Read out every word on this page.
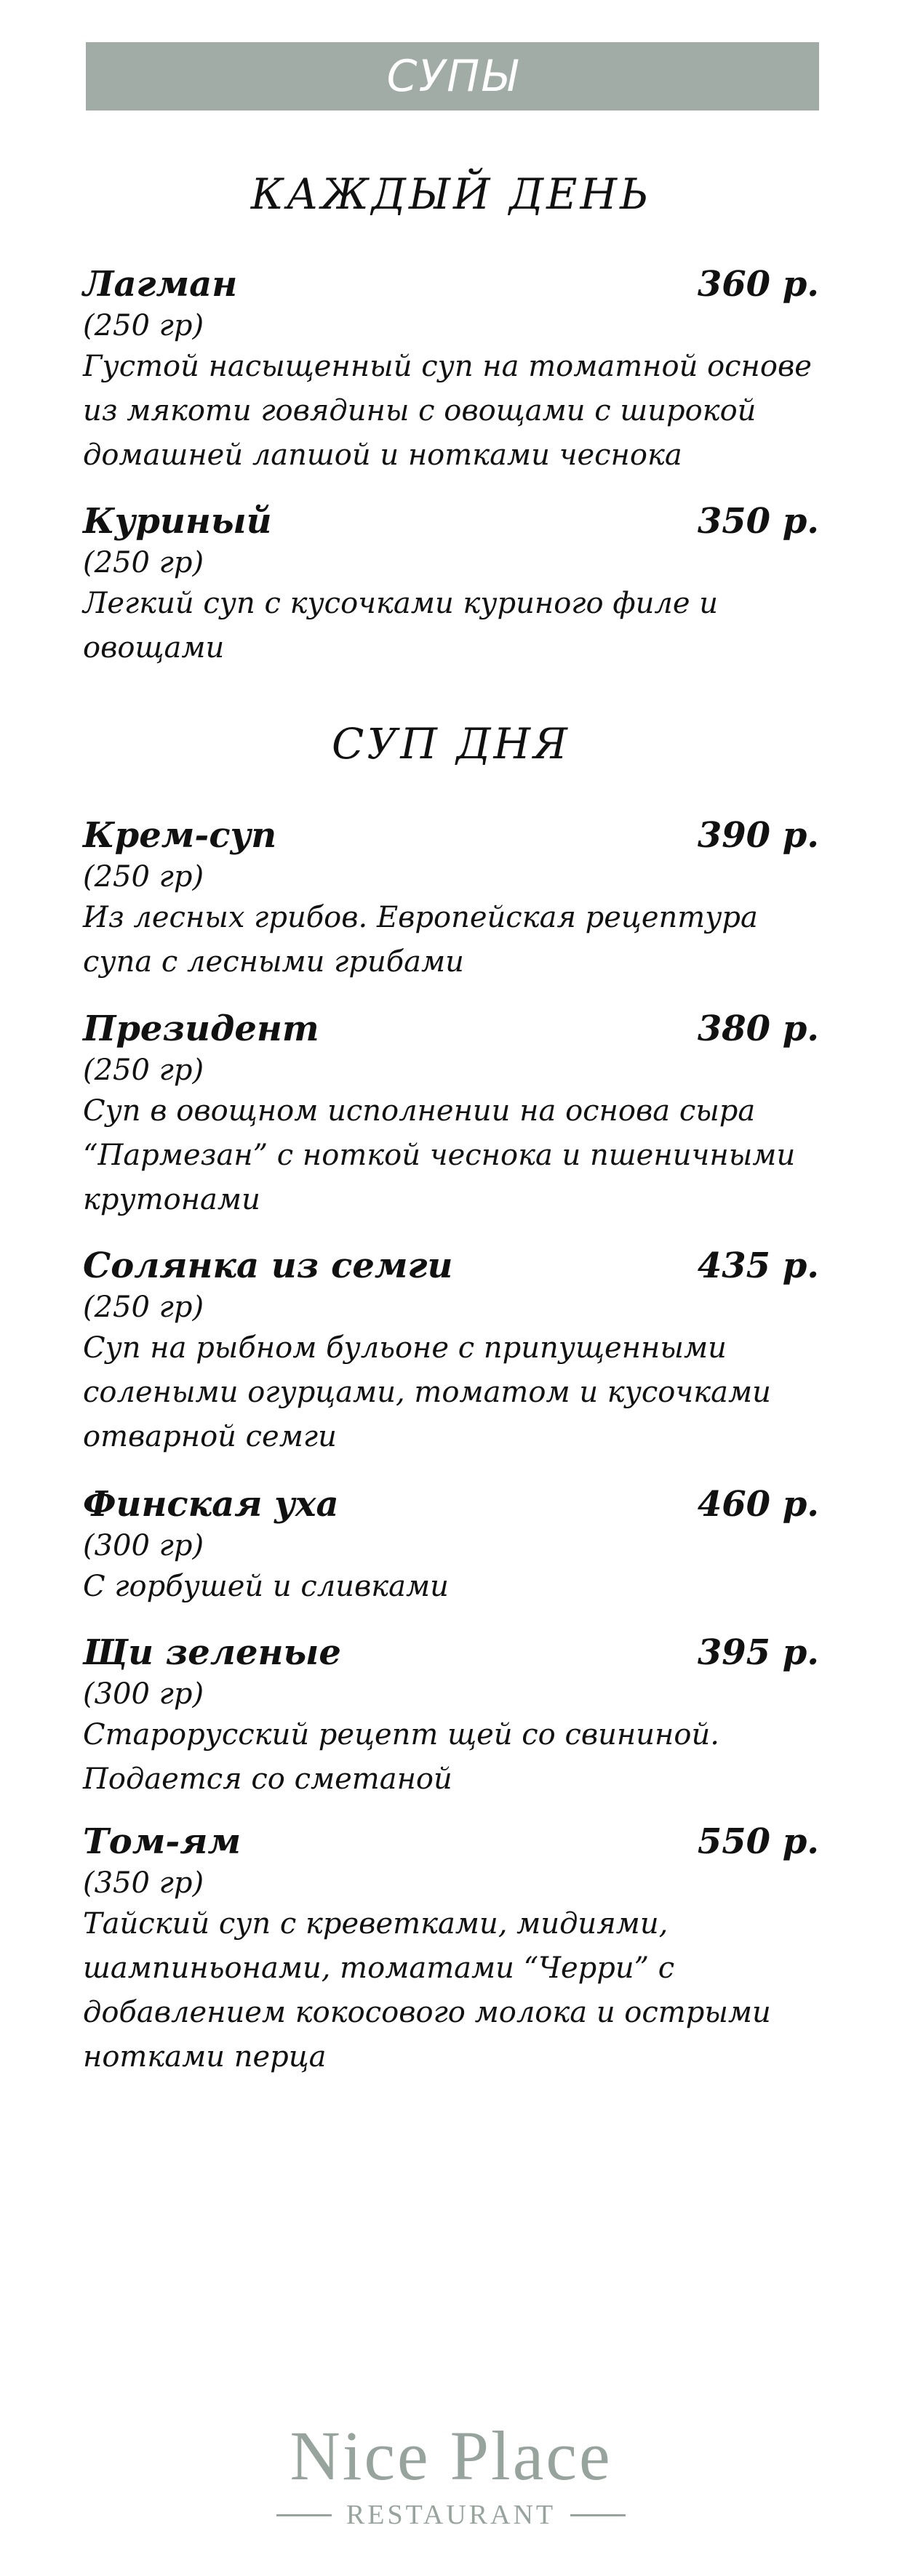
СУПЫ
КАЖДЫЙ ДЕНЬ
Лагман	360 р.
(250 гр)
Густой насыщенный суп на томатной основе из мякоти говядины с овощами с широкой домашней лапшой и нотками чеснока
Куриный	350 р.
(250 гр)
Легкий суп с кусочками куриного филе и овощами
СУП ДНЯ
Крем-суп	390 р.
(250 гр)
Из лесных грибов. Европейская рецептура супа с лесными грибами
Президент	380 р.
(250 гр)
Суп в овощном исполнении на основа сыра “Пармезан” с ноткой чеснока и пшеничными крутонами
Солянка из семги	435 р.
(250 гр)
Суп на рыбном бульоне с припущенными солеными огурцами, томатом и кусочками отварной семги
Финская уха	460 р.
(300 гр)
С горбушей и сливками
Щи зеленые	395 р.
(300 гр)
Старорусский рецепт щей со свининой. Подается со сметаной
Том-ям	550 р.
(350 гр)
Тайский суп с креветками, мидиями, шампиньонами, томатами “Черри” с добавлением кокосового молока и острыми нотками перца
Nice Place
RESTAURANT
